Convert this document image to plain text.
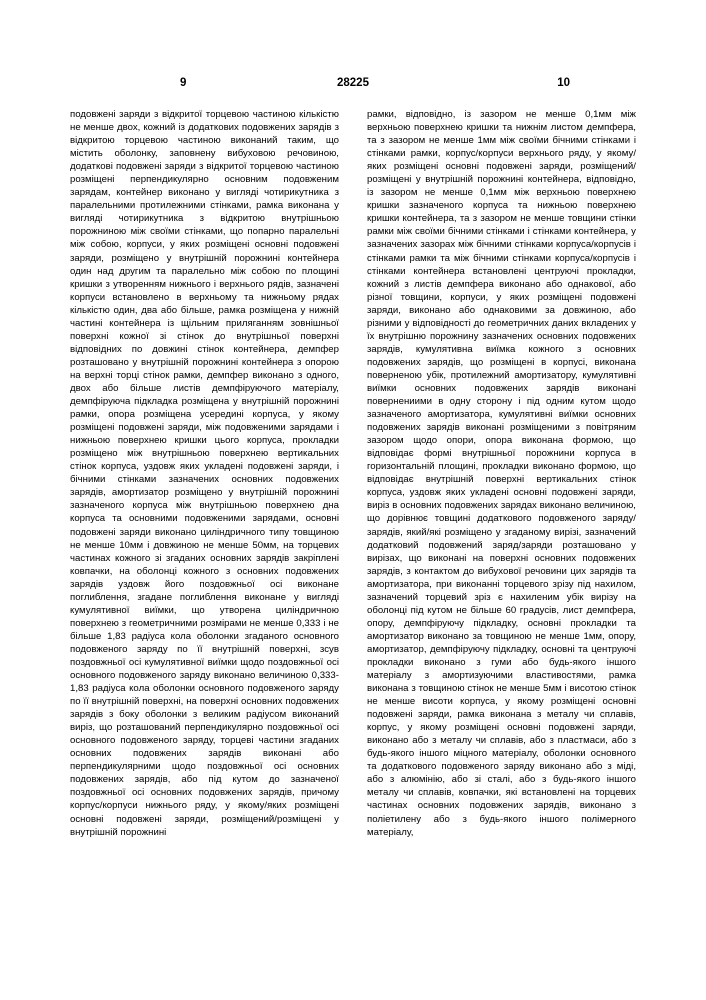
9	28225	10

подовжені заряди з відкритої торцевою частиною кількістю не менше двох, кожний із додаткових подовжених зарядів з відкритою торцевою частиною виконаний таким, що містить оболонку, заповнену вибуховою речовиною, додаткові подовжені заряди з відкритої торцевою частиною розміщені перпендикулярно основним подовженим зарядам, контейнер виконано у вигляді чотирикутника з паралельними протилежними стінками, рамка виконана у вигляді чотирикутника з відкритою внутрішньою порожниною між своїми стінками, що попарно паралельні між собою, корпуси, у яких розміщені основні подовжені заряди, розміщено у внутрішній порожнині контейнера один над другим та паралельно між собою по площині кришки з утворенням нижнього і верхнього рядів, зазначені корпуси встановлено в верхньому та нижньому рядах кількістю один, два або більше, рамка розміщена у нижній частині контейнера із щільним приляганням зовнішньої поверхні кожної зі стінок до внутрішньої поверхні відповідних по довжині стінок контейнера, демпфер розташовано у внутрішній порожнині контейнера з опорою на верхні торці стінок рамки, демпфер виконано з одного, двох або більше листів демпфіруючого матеріалу, демпфіруюча підкладка розміщена у внутрішній порожнині рамки, опора розміщена усередині корпуса, у якому розміщені подовжені заряди, між подовженими зарядами і нижньою поверхнею кришки цього корпуса, прокладки розміщено між внутрішньою поверхнею вертикальних стінок корпуса, уздовж яких укладені подовжені заряди, і бічними стінками зазначених основних подовжених зарядів, амортизатор розміщено у внутрішній порожнині зазначеного корпуса між внутрішньою поверхнею дна корпуса та основними подовженими зарядами, основні подовжені заряди виконано циліндричного типу товщиною не менше 10мм і довжиною не менше 50мм, на торцевих частинах кожного зі згаданих основних зарядів закріплені ковпачки, на оболонці кожного з основних подовжених зарядів уздовж його поздовжньої осі виконане поглиблення, згадане поглиблення виконане у вигляді кумулятивної виїмки, що утворена циліндричною поверхнею з геометричними розмірами не менше 0,333 і не більше 1,83 радіуса кола оболонки згаданого основного подовженого заряду по її внутрішній поверхні, зсув поздовжньої осі кумулятивної виїмки щодо поздовжньої осі основного подовженого заряду виконано величиною 0,333-1,83 радіуса кола оболонки основного подовженого заряду по її внутрішній поверхні, на поверхні основних подовжених зарядів з боку оболонки з великим радіусом виконаний виріз, що розташований перпендикулярно поздовжньої осі основного подовженого заряду, торцеві частини згаданих основних подовжених зарядів виконані або перпендикулярними щодо поздовжньої осі основних подовжених зарядів, або під кутом до зазначеної поздовжньої осі основних подовжених зарядів, причому корпус/корпуси нижнього ряду, у якому/яких розміщені основні подовжені заряди, розміщений/розміщені у внутрішній порожнині

рамки, відповідно, із зазором не менше 0,1мм між верхньою поверхнею кришки та нижнім листом демпфера, та з зазором не менше 1мм між своїми бічними стінками і стінками рамки, корпус/корпуси верхнього ряду, у якому/яких розміщені основні подовжені заряди, розміщений/розміщені у внутрішній порожнині контейнера, відповідно, із зазором не менше 0,1мм між верхньою поверхнею кришки зазначеного корпуса та нижньою поверхнею кришки контейнера, та з зазором не менше товщини стінки рамки між своїми бічними стінками і стінками контейнера, у зазначених зазорах між бічними стінками корпуса/корпусів і стінками рамки та між бічними стінками корпуса/корпусів і стінками контейнера встановлені центруючі прокладки, кожний з листів демпфера виконано або однакової, або різної товщини, корпуси, у яких розміщені подовжені заряди, виконано або однаковими за довжиною, або різними у відповідності до геометричних даних вкладених у їх внутрішню порожнину зазначених основних подовжених зарядів, кумулятивна виїмка кожного з основних подовжених зарядів, що розміщені в корпусі, виконана поверненою убік, протилежний амортизатору, кумулятивні виїмки основних подовжених зарядів виконані повернениими в одну сторону і під одним кутом щодо зазначеного амортизатора, кумулятивні виїмки основних подовжених зарядів виконані розміщеними з повітряним зазором щодо опори, опора виконана формою, що відповідає формі внутрішньої порожнини корпуса в горизонтальній площині, прокладки виконано формою, що відповідає внутрішній поверхні вертикальних стінок корпуса, уздовж яких укладені основні подовжені заряди, виріз в основних подовжених зарядах виконано величиною, що дорівнює товщині додаткового подовженого заряду/зарядів, який/які розміщено у згаданому вирізі, зазначений додатковий подовжений заряд/заряди розташовано у вирізах, що виконані на поверхні основних подовжених зарядів, з контактом до вибухової речовини цих зарядів та амортизатора, при виконанні торцевого зрізу під нахилом, зазначений торцевий зріз є нахиленим убік вирізу на оболонці під кутом не більше 60 градусів, лист демпфера, опору, демпфіруючу підкладку, основні прокладки та амортизатор виконано за товщиною не менше 1мм, опору, амортизатор, демпфіруючу підкладку, основні та центруючі прокладки виконано з гуми або будь-якого іншого матеріалу з амортизуючими властивостями, рамка виконана з товщиною стінок не менше 5мм і висотою стінок не менше висоти корпуса, у якому розміщені основні подовжені заряди, рамка виконана з металу чи сплавів, корпус, у якому розміщені основні подовжені заряди, виконано або з металу чи сплавів, або з пластмаси, або з будь-якого іншого міцного матеріалу, оболонки основного та додаткового подовженого заряду виконано або з міді, або з алюмінію, або зі сталі, або з будь-якого іншого металу чи сплавів, ковпачки, які встановлені на торцевих частинах основних подовжених зарядів, виконано з поліетилену або з будь-якого іншого полімерного матеріалу,
